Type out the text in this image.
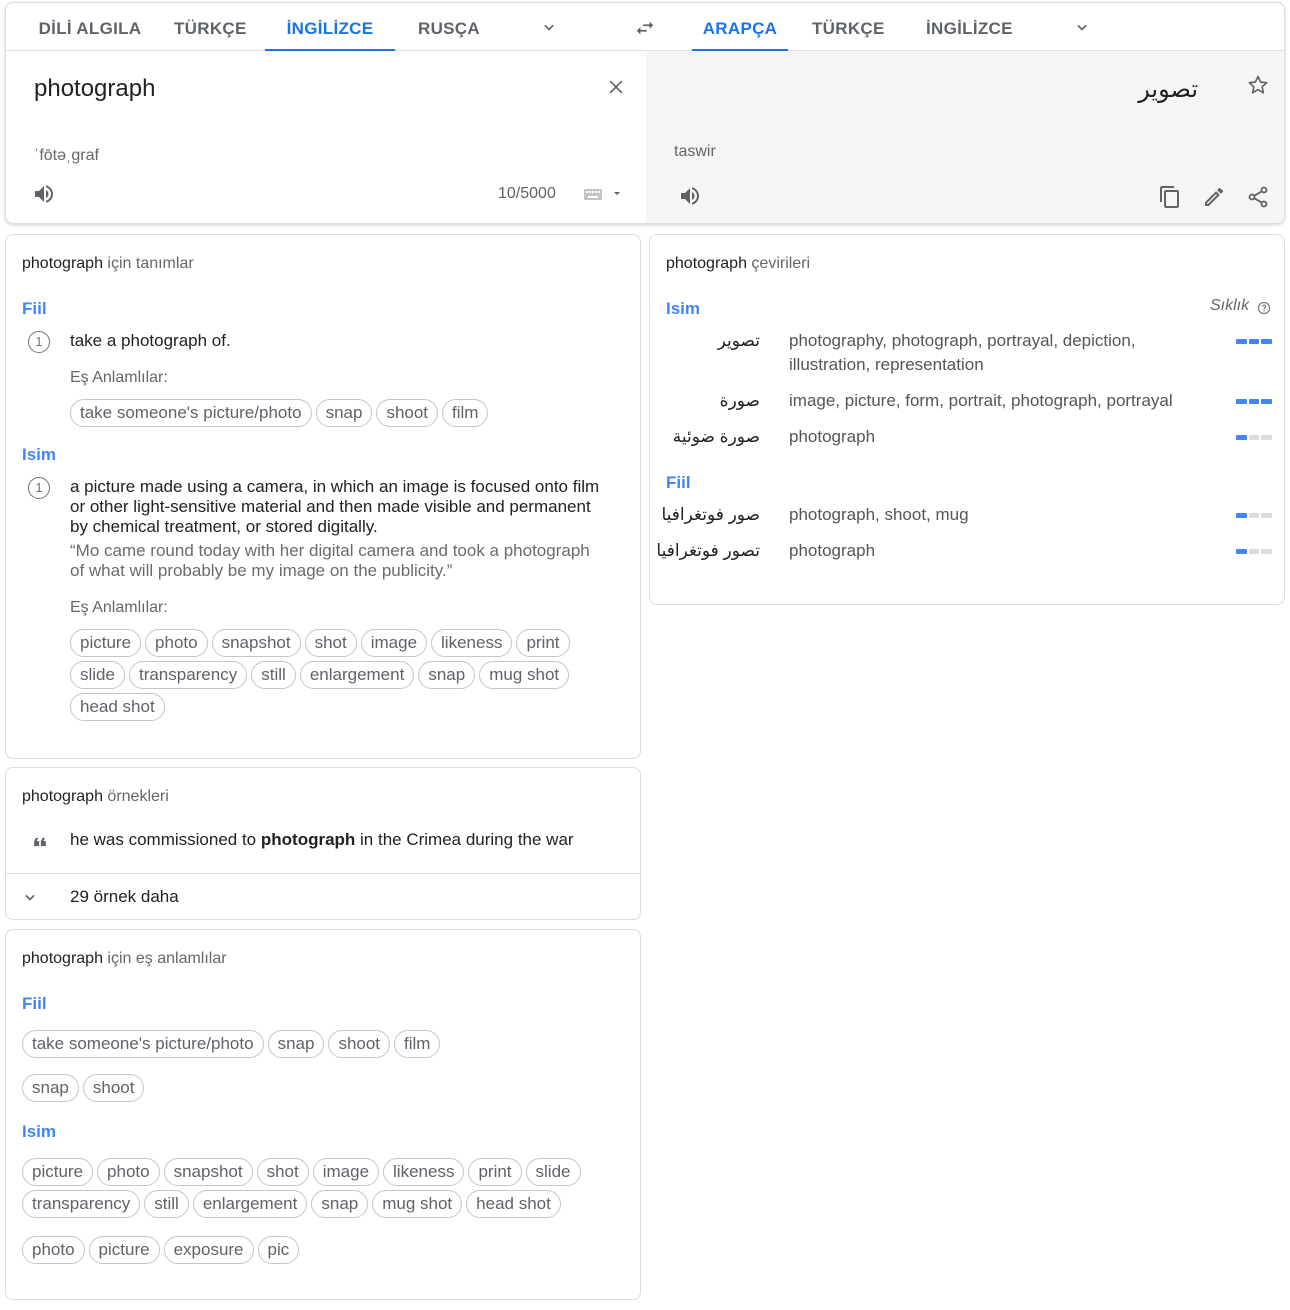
DİLİ ALGILA	TÜRKÇE	İNGİLİZCE	RUSÇA	ARAPÇA	TÜRKÇE İNGİLİZCE
photograph
ˈfōtəˌgraf
10/5000
تصوير
taswir
photograph için tanımlar
Fiil
1	take a photograph of.
Eş Anlamlılar:
take someone's picture/photo	snap	shoot	film
Isim
1	a picture made using a camera, in which an image is focused onto film or other light-sensitive material and then made visible and permanent by chemical treatment, or stored digitally.
“Mo came round today with her digital camera and took a photograph of what will probably be my image on the publicity.”
Eş Anlamlılar:
picture	photo	snapshot	shot	image	likeness	print
slide	transparency	still	enlargement	snap	mug shot
head shot
photograph örnekleri
he was commissioned to photograph in the Crimea during the war
29 örnek daha
photograph için eş anlamlılar
Fiil
take someone's picture/photo	snap	shoot	film
snap	shoot
Isim
picture	photo	snapshot	shot	image	likeness	print	slide
transparency	still	enlargement	snap	mug shot	head shot
photo	picture	exposure	pic
photograph çevirileri
Sıklık
Isim
تصوير photography, photograph, portrayal, depiction, illustration, representation
صورة image, picture, form, portrait, photograph, portrayal
صورة ضوئية photograph
Fiil
صور فوتغرافيا photograph, shoot, mug
تصور فوتغرافيا photograph
